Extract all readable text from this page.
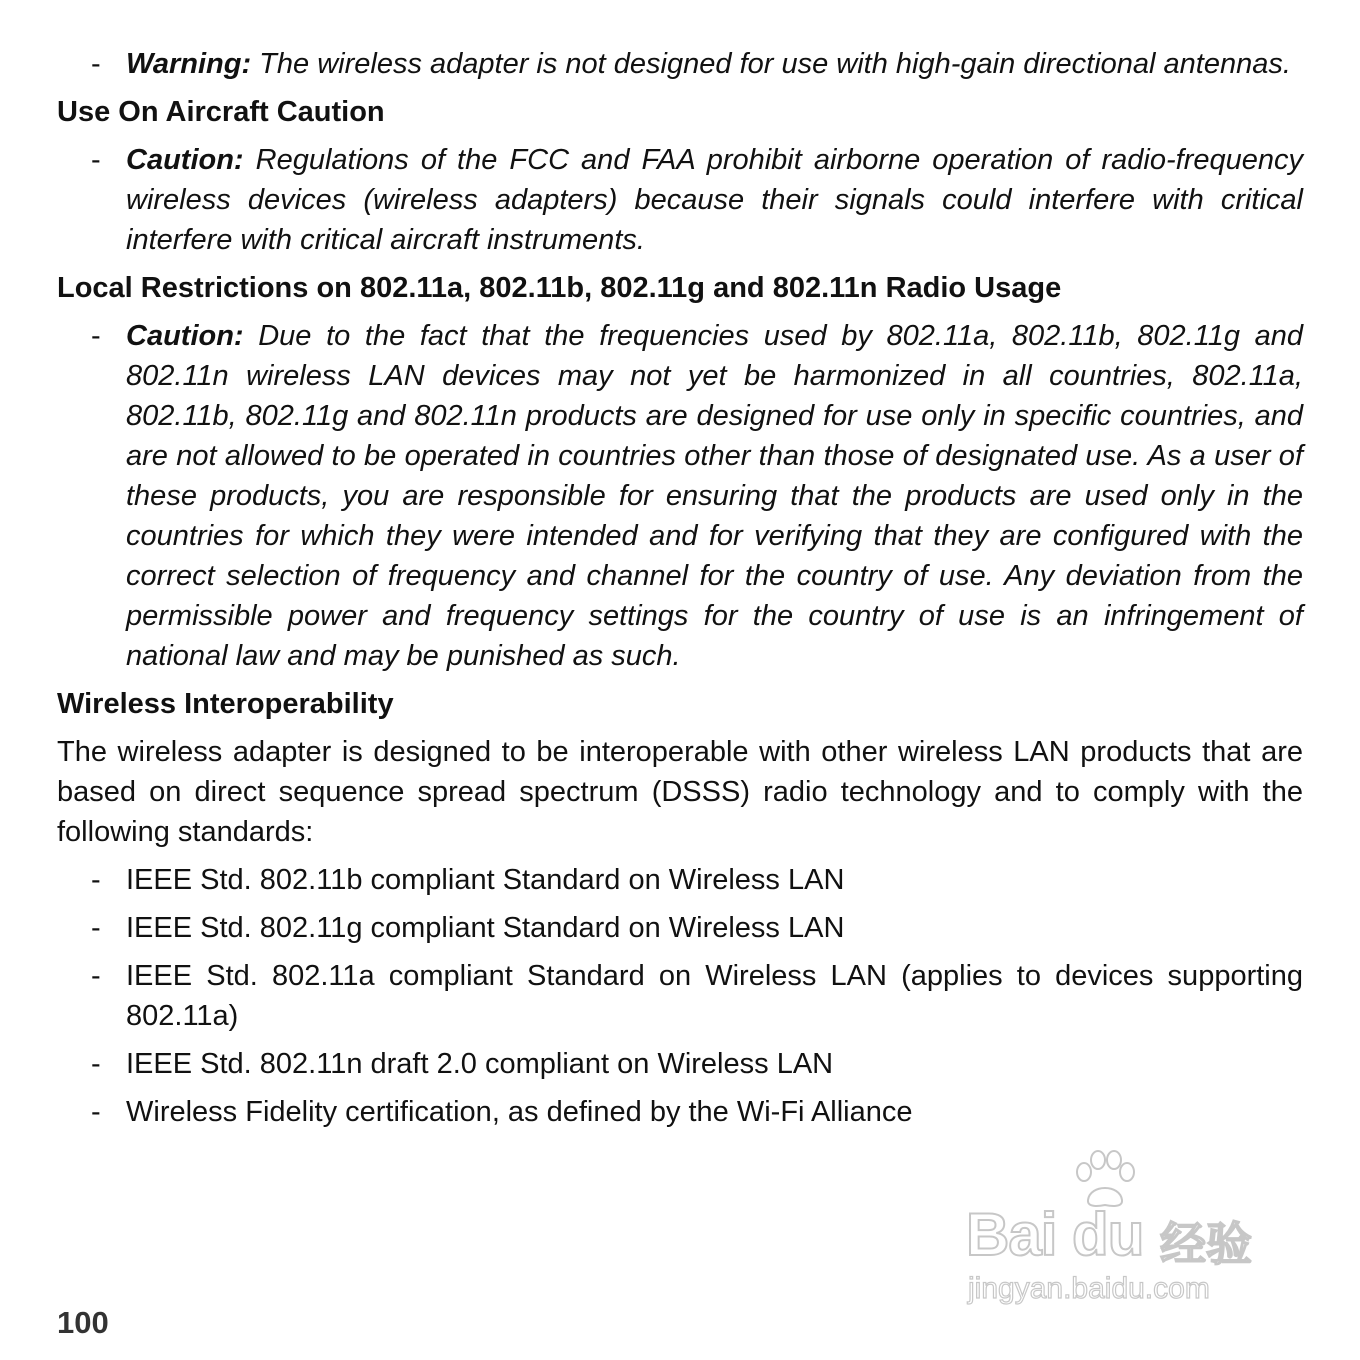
- Warning: The wireless adapter is not designed for use with high-gain directional antennas.
Use On Aircraft Caution
- Caution: Regulations of the FCC and FAA prohibit airborne operation of radio-frequency wireless devices (wireless adapters) because their signals could interfere with critical interfere with critical aircraft instruments.
Local Restrictions on 802.11a, 802.11b, 802.11g and 802.11n Radio Usage
- Caution: Due to the fact that the frequencies used by 802.11a, 802.11b, 802.11g and 802.11n wireless LAN devices may not yet be harmonized in all countries, 802.11a, 802.11b, 802.11g and 802.11n products are designed for use only in specific countries, and are not allowed to be operated in countries other than those of designated use. As a user of these products, you are responsible for ensuring that the products are used only in the countries for which they were intended and for verifying that they are configured with the correct selection of frequency and channel for the country of use. Any deviation from the permissible power and frequency settings for the country of use is an infringement of national law and may be punished as such.
Wireless Interoperability
The wireless adapter is designed to be interoperable with other wireless LAN products that are based on direct sequence spread spectrum (DSSS) radio technology and to comply with the following standards:
- IEEE Std. 802.11b compliant Standard on Wireless LAN
- IEEE Std. 802.11g compliant Standard on Wireless LAN
- IEEE Std. 802.11a compliant Standard on Wireless LAN (applies to devices supporting 802.11a)
- IEEE Std. 802.11n draft 2.0 compliant on Wireless LAN
- Wireless Fidelity certification, as defined by the Wi-Fi Alliance
Bai du 经验
jingyan.baidu.com
100
